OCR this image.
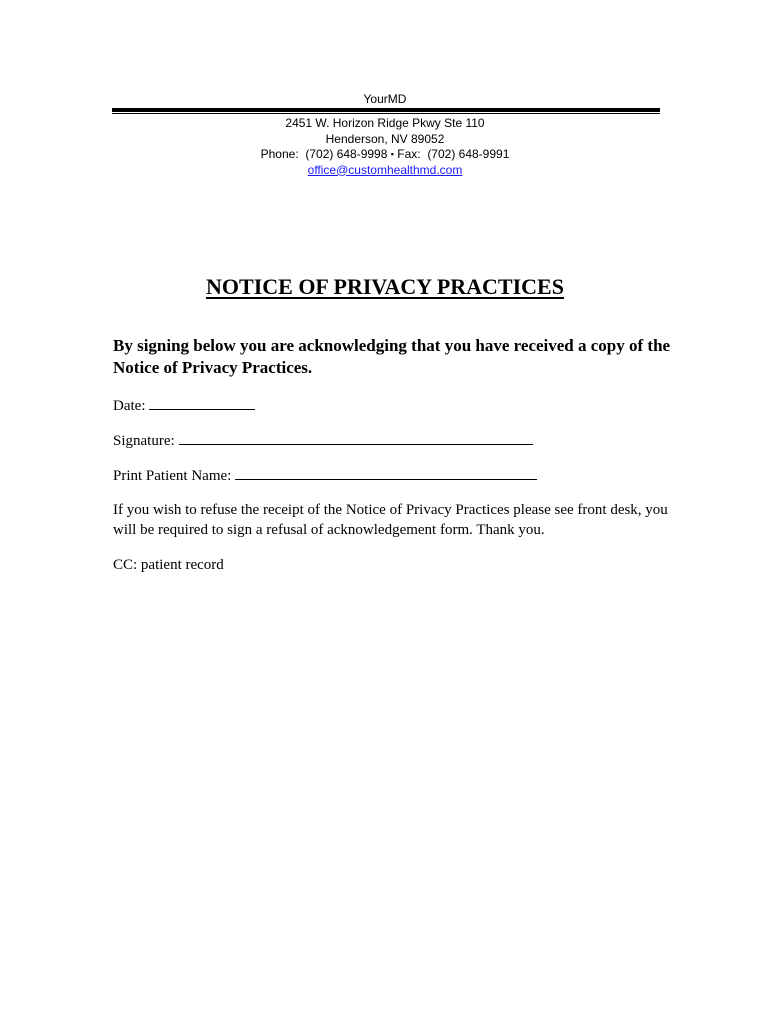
YourMD
2451 W. Horizon Ridge Pkwy Ste 110
Henderson, NV 89052
Phone: (702) 648-9998 ▪ Fax: (702) 648-9991
office@customhealthmd.com
NOTICE OF PRIVACY PRACTICES
By signing below you are acknowledging that you have received a copy of the Notice of Privacy Practices.
Date:
Signature:
Print Patient Name:
If you wish to refuse the receipt of the Notice of Privacy Practices please see front desk, you will be required to sign a refusal of acknowledgement form. Thank you.
CC: patient record
